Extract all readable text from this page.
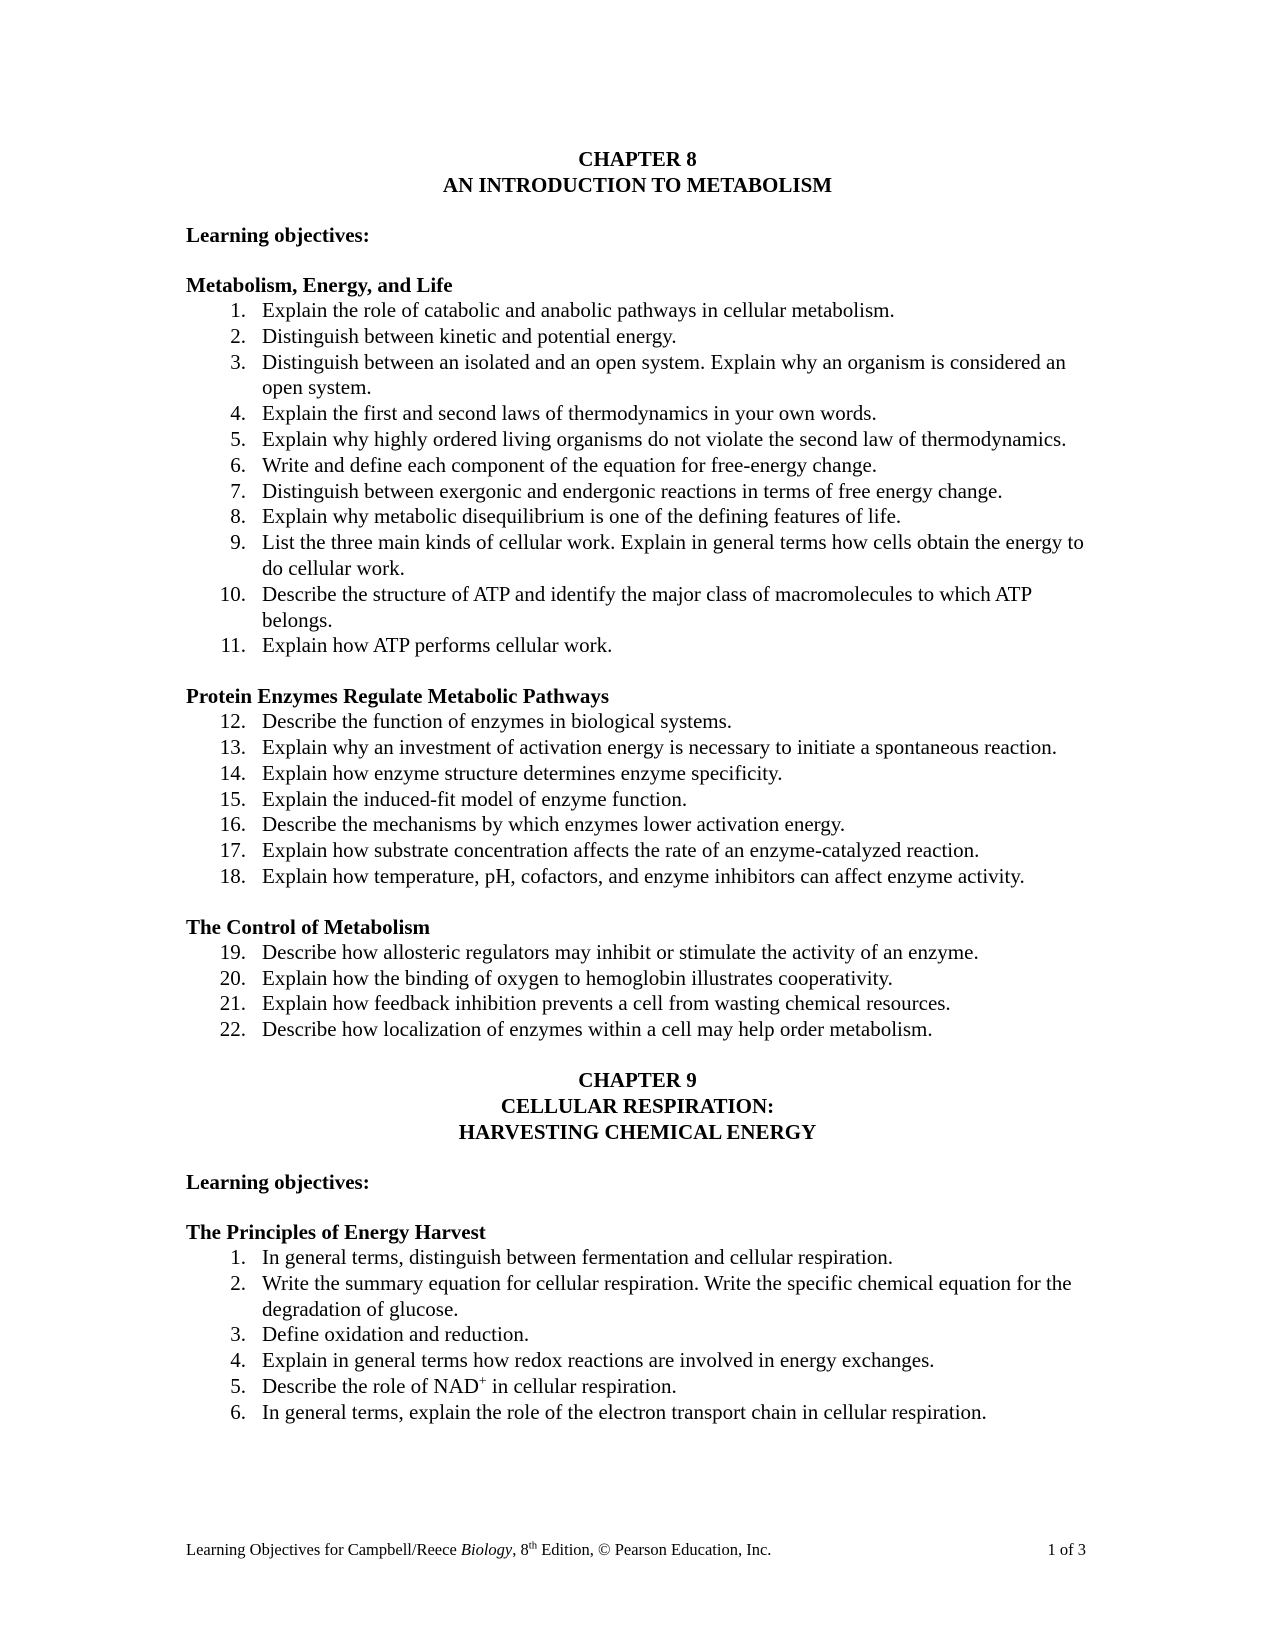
CHAPTER 8
AN INTRODUCTION TO METABOLISM
Learning objectives:
Metabolism, Energy, and Life
1. Explain the role of catabolic and anabolic pathways in cellular metabolism.
2. Distinguish between kinetic and potential energy.
3. Distinguish between an isolated and an open system. Explain why an organism is considered an open system.
4. Explain the first and second laws of thermodynamics in your own words.
5. Explain why highly ordered living organisms do not violate the second law of thermodynamics.
6. Write and define each component of the equation for free-energy change.
7. Distinguish between exergonic and endergonic reactions in terms of free energy change.
8. Explain why metabolic disequilibrium is one of the defining features of life.
9. List the three main kinds of cellular work. Explain in general terms how cells obtain the energy to do cellular work.
10. Describe the structure of ATP and identify the major class of macromolecules to which ATP belongs.
11. Explain how ATP performs cellular work.
Protein Enzymes Regulate Metabolic Pathways
12. Describe the function of enzymes in biological systems.
13. Explain why an investment of activation energy is necessary to initiate a spontaneous reaction.
14. Explain how enzyme structure determines enzyme specificity.
15. Explain the induced-fit model of enzyme function.
16. Describe the mechanisms by which enzymes lower activation energy.
17. Explain how substrate concentration affects the rate of an enzyme-catalyzed reaction.
18. Explain how temperature, pH, cofactors, and enzyme inhibitors can affect enzyme activity.
The Control of Metabolism
19. Describe how allosteric regulators may inhibit or stimulate the activity of an enzyme.
20. Explain how the binding of oxygen to hemoglobin illustrates cooperativity.
21. Explain how feedback inhibition prevents a cell from wasting chemical resources.
22. Describe how localization of enzymes within a cell may help order metabolism.
CHAPTER 9
CELLULAR RESPIRATION:
HARVESTING CHEMICAL ENERGY
Learning objectives:
The Principles of Energy Harvest
1. In general terms, distinguish between fermentation and cellular respiration.
2. Write the summary equation for cellular respiration. Write the specific chemical equation for the degradation of glucose.
3. Define oxidation and reduction.
4. Explain in general terms how redox reactions are involved in energy exchanges.
5. Describe the role of NAD+ in cellular respiration.
6. In general terms, explain the role of the electron transport chain in cellular respiration.
Learning Objectives for Campbell/Reece Biology, 8th Edition, © Pearson Education, Inc.	1 of 3
